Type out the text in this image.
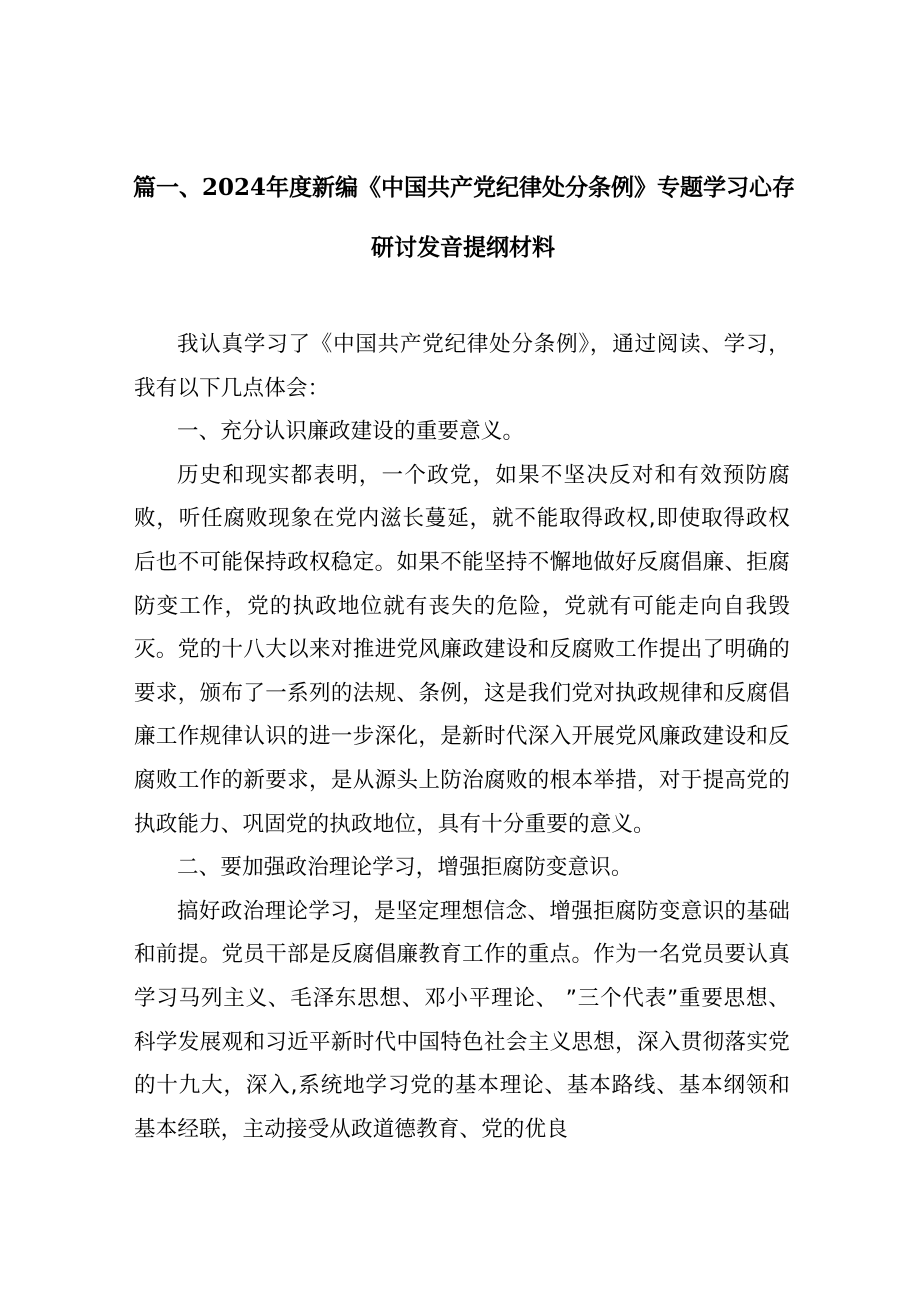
篇一、2024年度新编《中国共产党纪律处分条例》专题学习心存
研讨发音提纲材料

我认真学习了《中国共产党纪律处分条例》，通过阅读、学习，我有以下几点体会：

一、充分认识廉政建设的重要意义。

历史和现实都表明，一个政党，如果不坚决反对和有效预防腐败，听任腐败现象在党内滋长蔓延，就不能取得政权,即使取得政权后也不可能保持政权稳定。如果不能坚持不懈地做好反腐倡廉、拒腐防变工作，党的执政地位就有丧失的危险，党就有可能走向自我毁灭。党的十八大以来对推进党风廉政建设和反腐败工作提出了明确的要求，颁布了一系列的法规、条例，这是我们党对执政规律和反腐倡廉工作规律认识的进一步深化，是新时代深入开展党风廉政建设和反腐败工作的新要求，是从源头上防治腐败的根本举措，对于提高党的执政能力、巩固党的执政地位，具有十分重要的意义。

二、要加强政治理论学习，增强拒腐防变意识。

搞好政治理论学习，是坚定理想信念、增强拒腐防变意识的基础和前提。党员干部是反腐倡廉教育工作的重点。作为一名党员要认真学习马列主义、毛泽东思想、邓小平理论、 ”三个代表”重要思想、科学发展观和习近平新时代中国特色社会主义思想，深入贯彻落实党的十九大，深入,系统地学习党的基本理论、基本路线、基本纲领和基本经联，主动接受从政道德教育、党的优良
